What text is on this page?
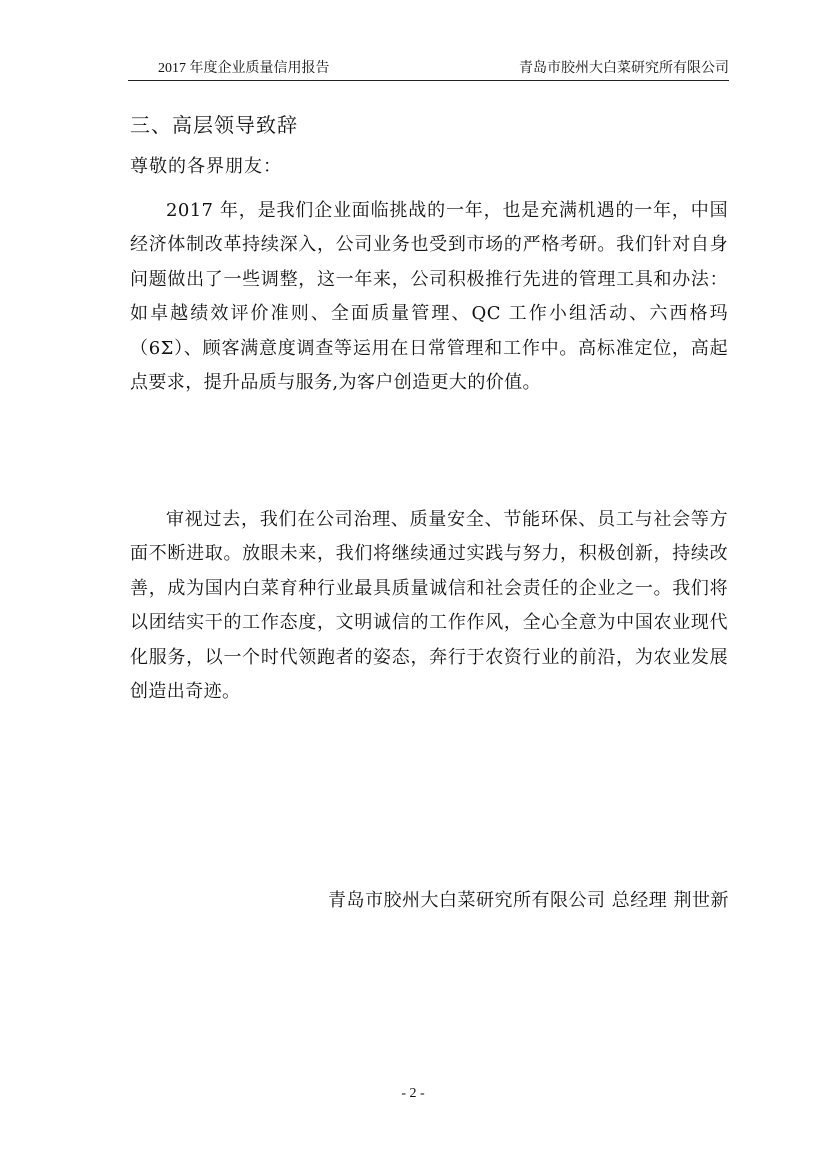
2017 年度企业质量信用报告	青岛市胶州大白菜研究所有限公司
三、高层领导致辞
尊敬的各界朋友：
2017 年，是我们企业面临挑战的一年，也是充满机遇的一年，中国经济体制改革持续深入，公司业务也受到市场的严格考研。我们针对自身问题做出了一些调整，这一年来，公司积极推行先进的管理工具和办法：如卓越绩效评价准则、全面质量管理、QC 工作小组活动、六西格玛（6Σ）、顾客满意度调查等运用在日常管理和工作中。高标准定位，高起点要求，提升品质与服务,为客户创造更大的价值。
审视过去，我们在公司治理、质量安全、节能环保、员工与社会等方面不断进取。放眼未来，我们将继续通过实践与努力，积极创新，持续改善，成为国内白菜育种行业最具质量诚信和社会责任的企业之一。我们将以团结实干的工作态度，文明诚信的工作作风，全心全意为中国农业现代化服务，以一个时代领跑者的姿态，奔行于农资行业的前沿，为农业发展创造出奇迹。
青岛市胶州大白菜研究所有限公司 总经理 荆世新
- 2 -
